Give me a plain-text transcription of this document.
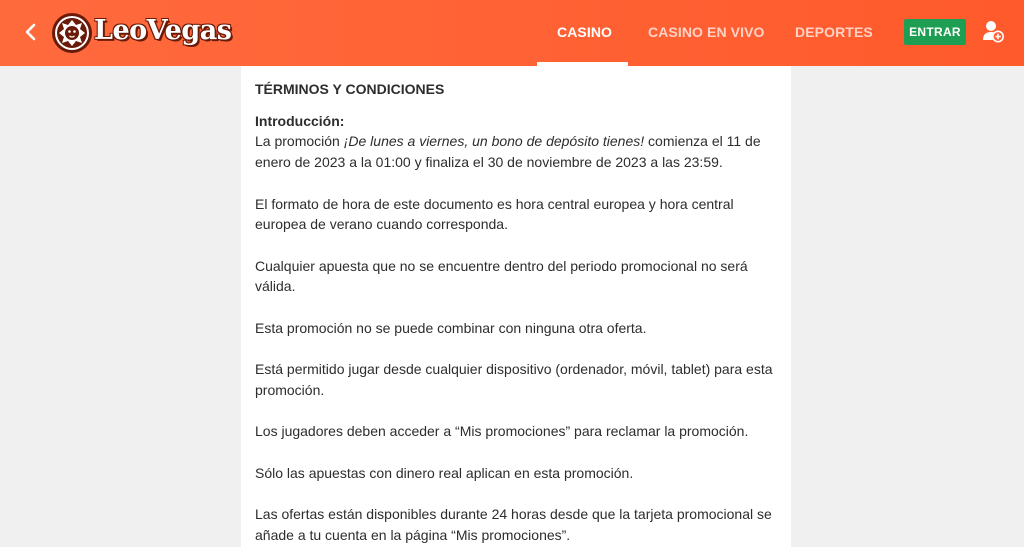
LeoVegas	CASINO	CASINO EN VIVO DEPORTES	ENTRAR
TÉRMINOS Y CONDICIONES
Introducción:
La promoción ¡De lunes a viernes, un bono de depósito tienes! comienza el 11 de enero de 2023 a la 01:00 y finaliza el 30 de noviembre de 2023 a las 23:59.

El formato de hora de este documento es hora central europea y hora central europea de verano cuando corresponda.

Cualquier apuesta que no se encuentre dentro del periodo promocional no será válida.

Esta promoción no se puede combinar con ninguna otra oferta.

Está permitido jugar desde cualquier dispositivo (ordenador, móvil, tablet) para esta promoción.

Los jugadores deben acceder a “Mis promociones” para reclamar la promoción.

Sólo las apuestas con dinero real aplican en esta promoción.

Las ofertas están disponibles durante 24 horas desde que la tarjeta promocional se añade a tu cuenta en la página “Mis promociones”.
